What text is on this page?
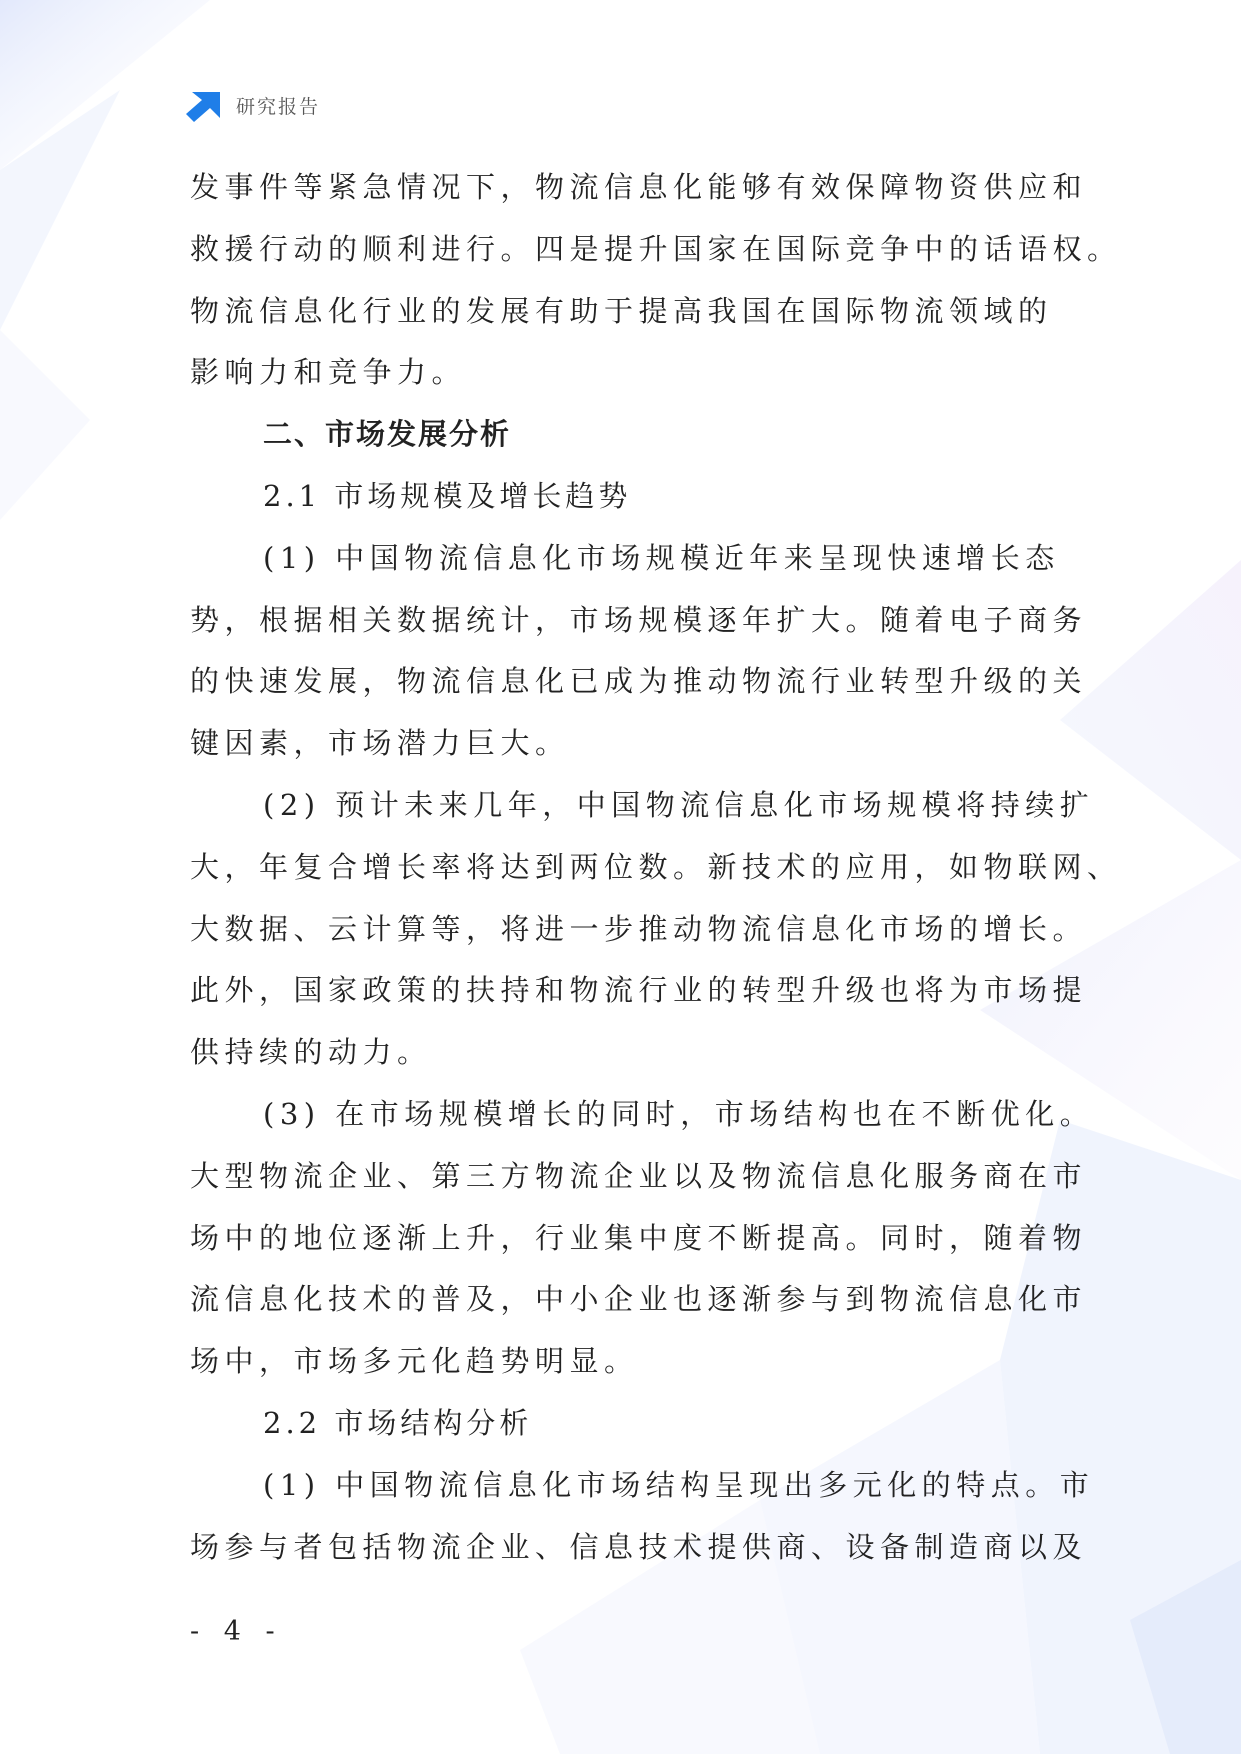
研究报告

发事件等紧急情况下，物流信息化能够有效保障物资供应和

救援行动的顺利进行。四是提升国家在国际竞争中的话语权。

物流信息化行业的发展有助于提高我国在国际物流领域的

影响力和竞争力。

二、市场发展分析

2.1 市场规模及增长趋势

(1) 中国物流信息化市场规模近年来呈现快速增长态

势，根据相关数据统计，市场规模逐年扩大。随着电子商务

的快速发展，物流信息化已成为推动物流行业转型升级的关

键因素，市场潜力巨大。

(2) 预计未来几年，中国物流信息化市场规模将持续扩

大，年复合增长率将达到两位数。新技术的应用，如物联网、

大数据、云计算等，将进一步推动物流信息化市场的增长。

此外，国家政策的扶持和物流行业的转型升级也将为市场提

供持续的动力。

(3) 在市场规模增长的同时，市场结构也在不断优化。

大型物流企业、第三方物流企业以及物流信息化服务商在市

场中的地位逐渐上升，行业集中度不断提高。同时，随着物

流信息化技术的普及，中小企业也逐渐参与到物流信息化市

场中，市场多元化趋势明显。

2.2 市场结构分析

(1) 中国物流信息化市场结构呈现出多元化的特点。市

场参与者包括物流企业、信息技术提供商、设备制造商以及

- 4 -
